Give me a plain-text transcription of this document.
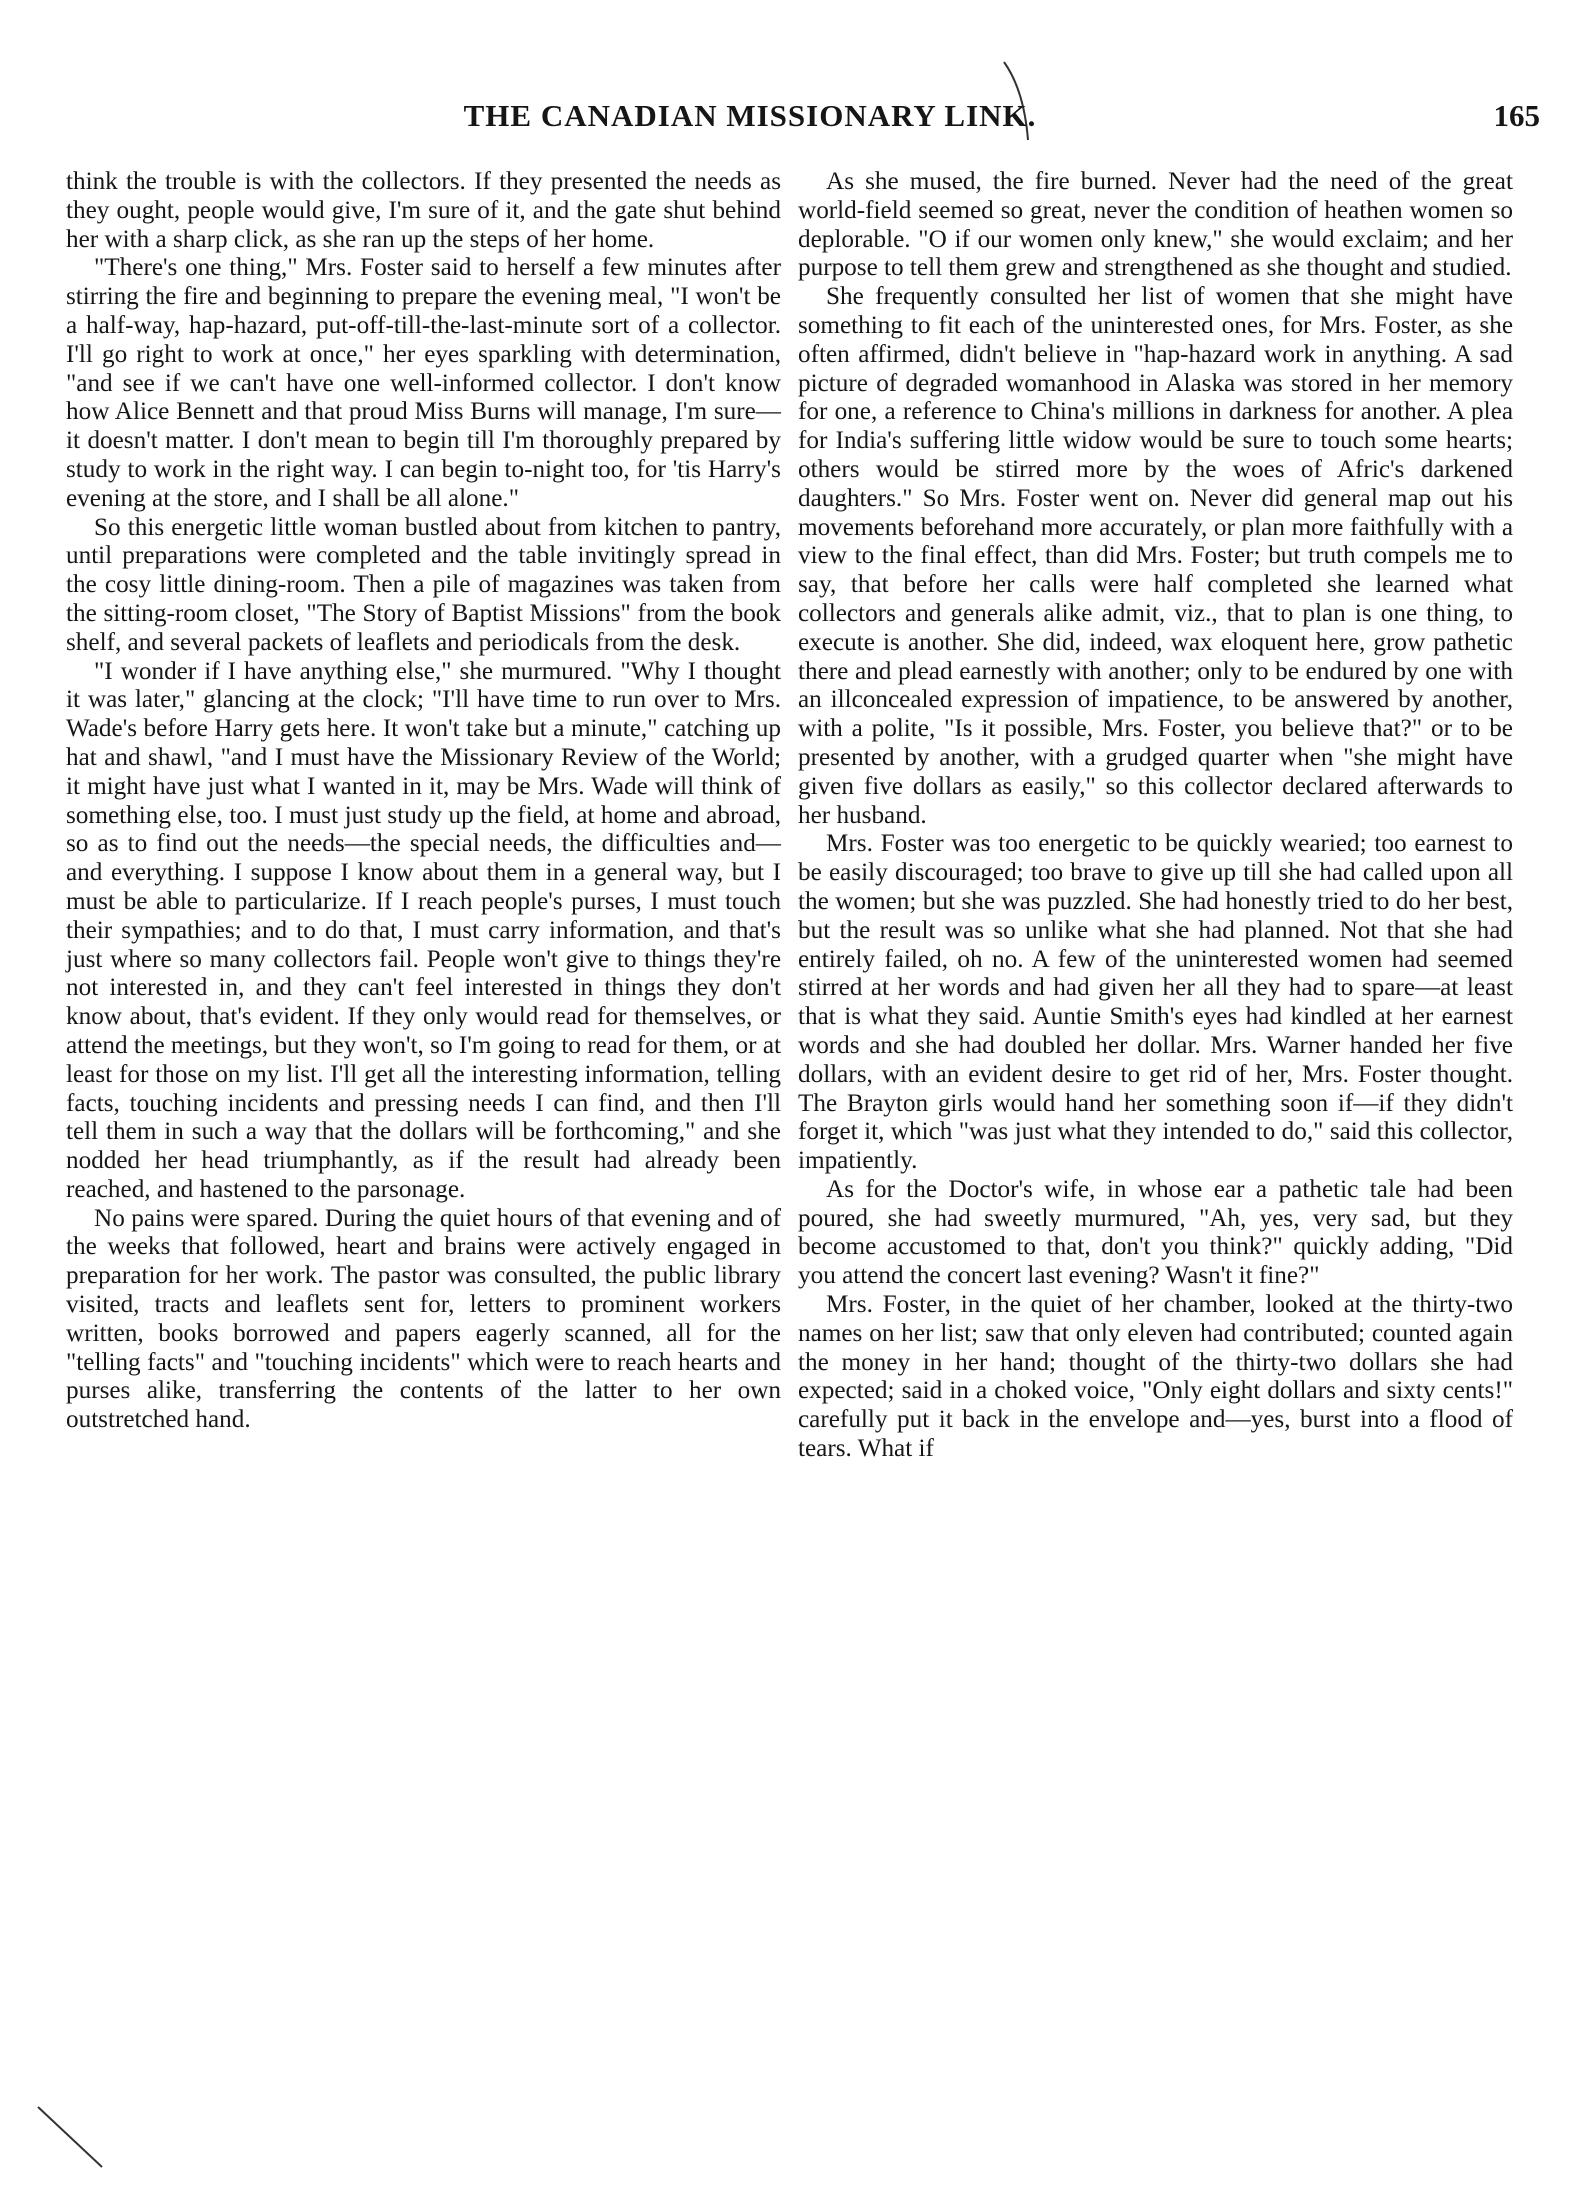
THE CANADIAN MISSIONARY LINK.	165

think the trouble is with the collectors. If they presented the needs as they ought, people would give, I'm sure of it, and the gate shut behind her with a sharp click, as she ran up the steps of her home.

"There's one thing," Mrs. Foster said to herself a few minutes after stirring the fire and beginning to prepare the evening meal, "I won't be a half-way, hap-hazard, put-off-till-the-last-minute sort of a collector. I'll go right to work at once," her eyes sparkling with determination, "and see if we can't have one well-informed collector. I don't know how Alice Bennett and that proud Miss Burns will manage, I'm sure—it doesn't matter. I don't mean to begin till I'm thoroughly prepared by study to work in the right way. I can begin to-night too, for 'tis Harry's evening at the store, and I shall be all alone."

So this energetic little woman bustled about from kitchen to pantry, until preparations were completed and the table invitingly spread in the cosy little dining-room. Then a pile of magazines was taken from the sitting-room closet, "The Story of Baptist Missions" from the book shelf, and several packets of leaflets and periodicals from the desk.

"I wonder if I have anything else," she murmured. "Why I thought it was later," glancing at the clock; "I'll have time to run over to Mrs. Wade's before Harry gets here. It won't take but a minute," catching up hat and shawl, "and I must have the Missionary Review of the World; it might have just what I wanted in it, may be Mrs. Wade will think of something else, too. I must just study up the field, at home and abroad, so as to find out the needs—the special needs, the difficulties and—and everything. I suppose I know about them in a general way, but I must be able to particularize. If I reach people's purses, I must touch their sympathies; and to do that, I must carry information, and that's just where so many collectors fail. People won't give to things they're not interested in, and they can't feel interested in things they don't know about, that's evident. If they only would read for themselves, or attend the meetings, but they won't, so I'm going to read for them, or at least for those on my list. I'll get all the interesting information, telling facts, touching incidents and pressing needs I can find, and then I'll tell them in such a way that the dollars will be forthcoming," and she nodded her head triumphantly, as if the result had already been reached, and hastened to the parsonage.

No pains were spared. During the quiet hours of that evening and of the weeks that followed, heart and brains were actively engaged in preparation for her work. The pastor was consulted, the public library visited, tracts and leaflets sent for, letters to prominent workers written, books borrowed and papers eagerly scanned, all for the "telling facts" and "touching incidents" which were to reach hearts and purses alike, transferring the contents of the latter to her own outstretched hand.

As she mused, the fire burned. Never had the need of the great world-field seemed so great, never the condition of heathen women so deplorable. "O if our women only knew," she would exclaim; and her purpose to tell them grew and strengthened as she thought and studied.

She frequently consulted her list of women that she might have something to fit each of the uninterested ones, for Mrs. Foster, as she often affirmed, didn't believe in "hap-hazard work in anything. A sad picture of degraded womanhood in Alaska was stored in her memory for one, a reference to China's millions in darkness for another. A plea for India's suffering little widow would be sure to touch some hearts; others would be stirred more by the woes of Afric's darkened daughters." So Mrs. Foster went on. Never did general map out his movements beforehand more accurately, or plan more faithfully with a view to the final effect, than did Mrs. Foster; but truth compels me to say, that before her calls were half completed she learned what collectors and generals alike admit, viz., that to plan is one thing, to execute is another. She did, indeed, wax eloquent here, grow pathetic there and plead earnestly with another; only to be endured by one with an illconcealed expression of impatience, to be answered by another, with a polite, "Is it possible, Mrs. Foster, you believe that?" or to be presented by another, with a grudged quarter when "she might have given five dollars as easily," so this collector declared afterwards to her husband.

Mrs. Foster was too energetic to be quickly wearied; too earnest to be easily discouraged; too brave to give up till she had called upon all the women; but she was puzzled. She had honestly tried to do her best, but the result was so unlike what she had planned. Not that she had entirely failed, oh no. A few of the uninterested women had seemed stirred at her words and had given her all they had to spare—at least that is what they said. Auntie Smith's eyes had kindled at her earnest words and she had doubled her dollar. Mrs. Warner handed her five dollars, with an evident desire to get rid of her, Mrs. Foster thought. The Brayton girls would hand her something soon if—if they didn't forget it, which "was just what they intended to do," said this collector, impatiently.

As for the Doctor's wife, in whose ear a pathetic tale had been poured, she had sweetly murmured, "Ah, yes, very sad, but they become accustomed to that, don't you think?" quickly adding, "Did you attend the concert last evening? Wasn't it fine?"

Mrs. Foster, in the quiet of her chamber, looked at the thirty-two names on her list; saw that only eleven had contributed; counted again the money in her hand; thought of the thirty-two dollars she had expected; said in a choked voice, "Only eight dollars and sixty cents!" carefully put it back in the envelope and—yes, burst into a flood of tears. What if
